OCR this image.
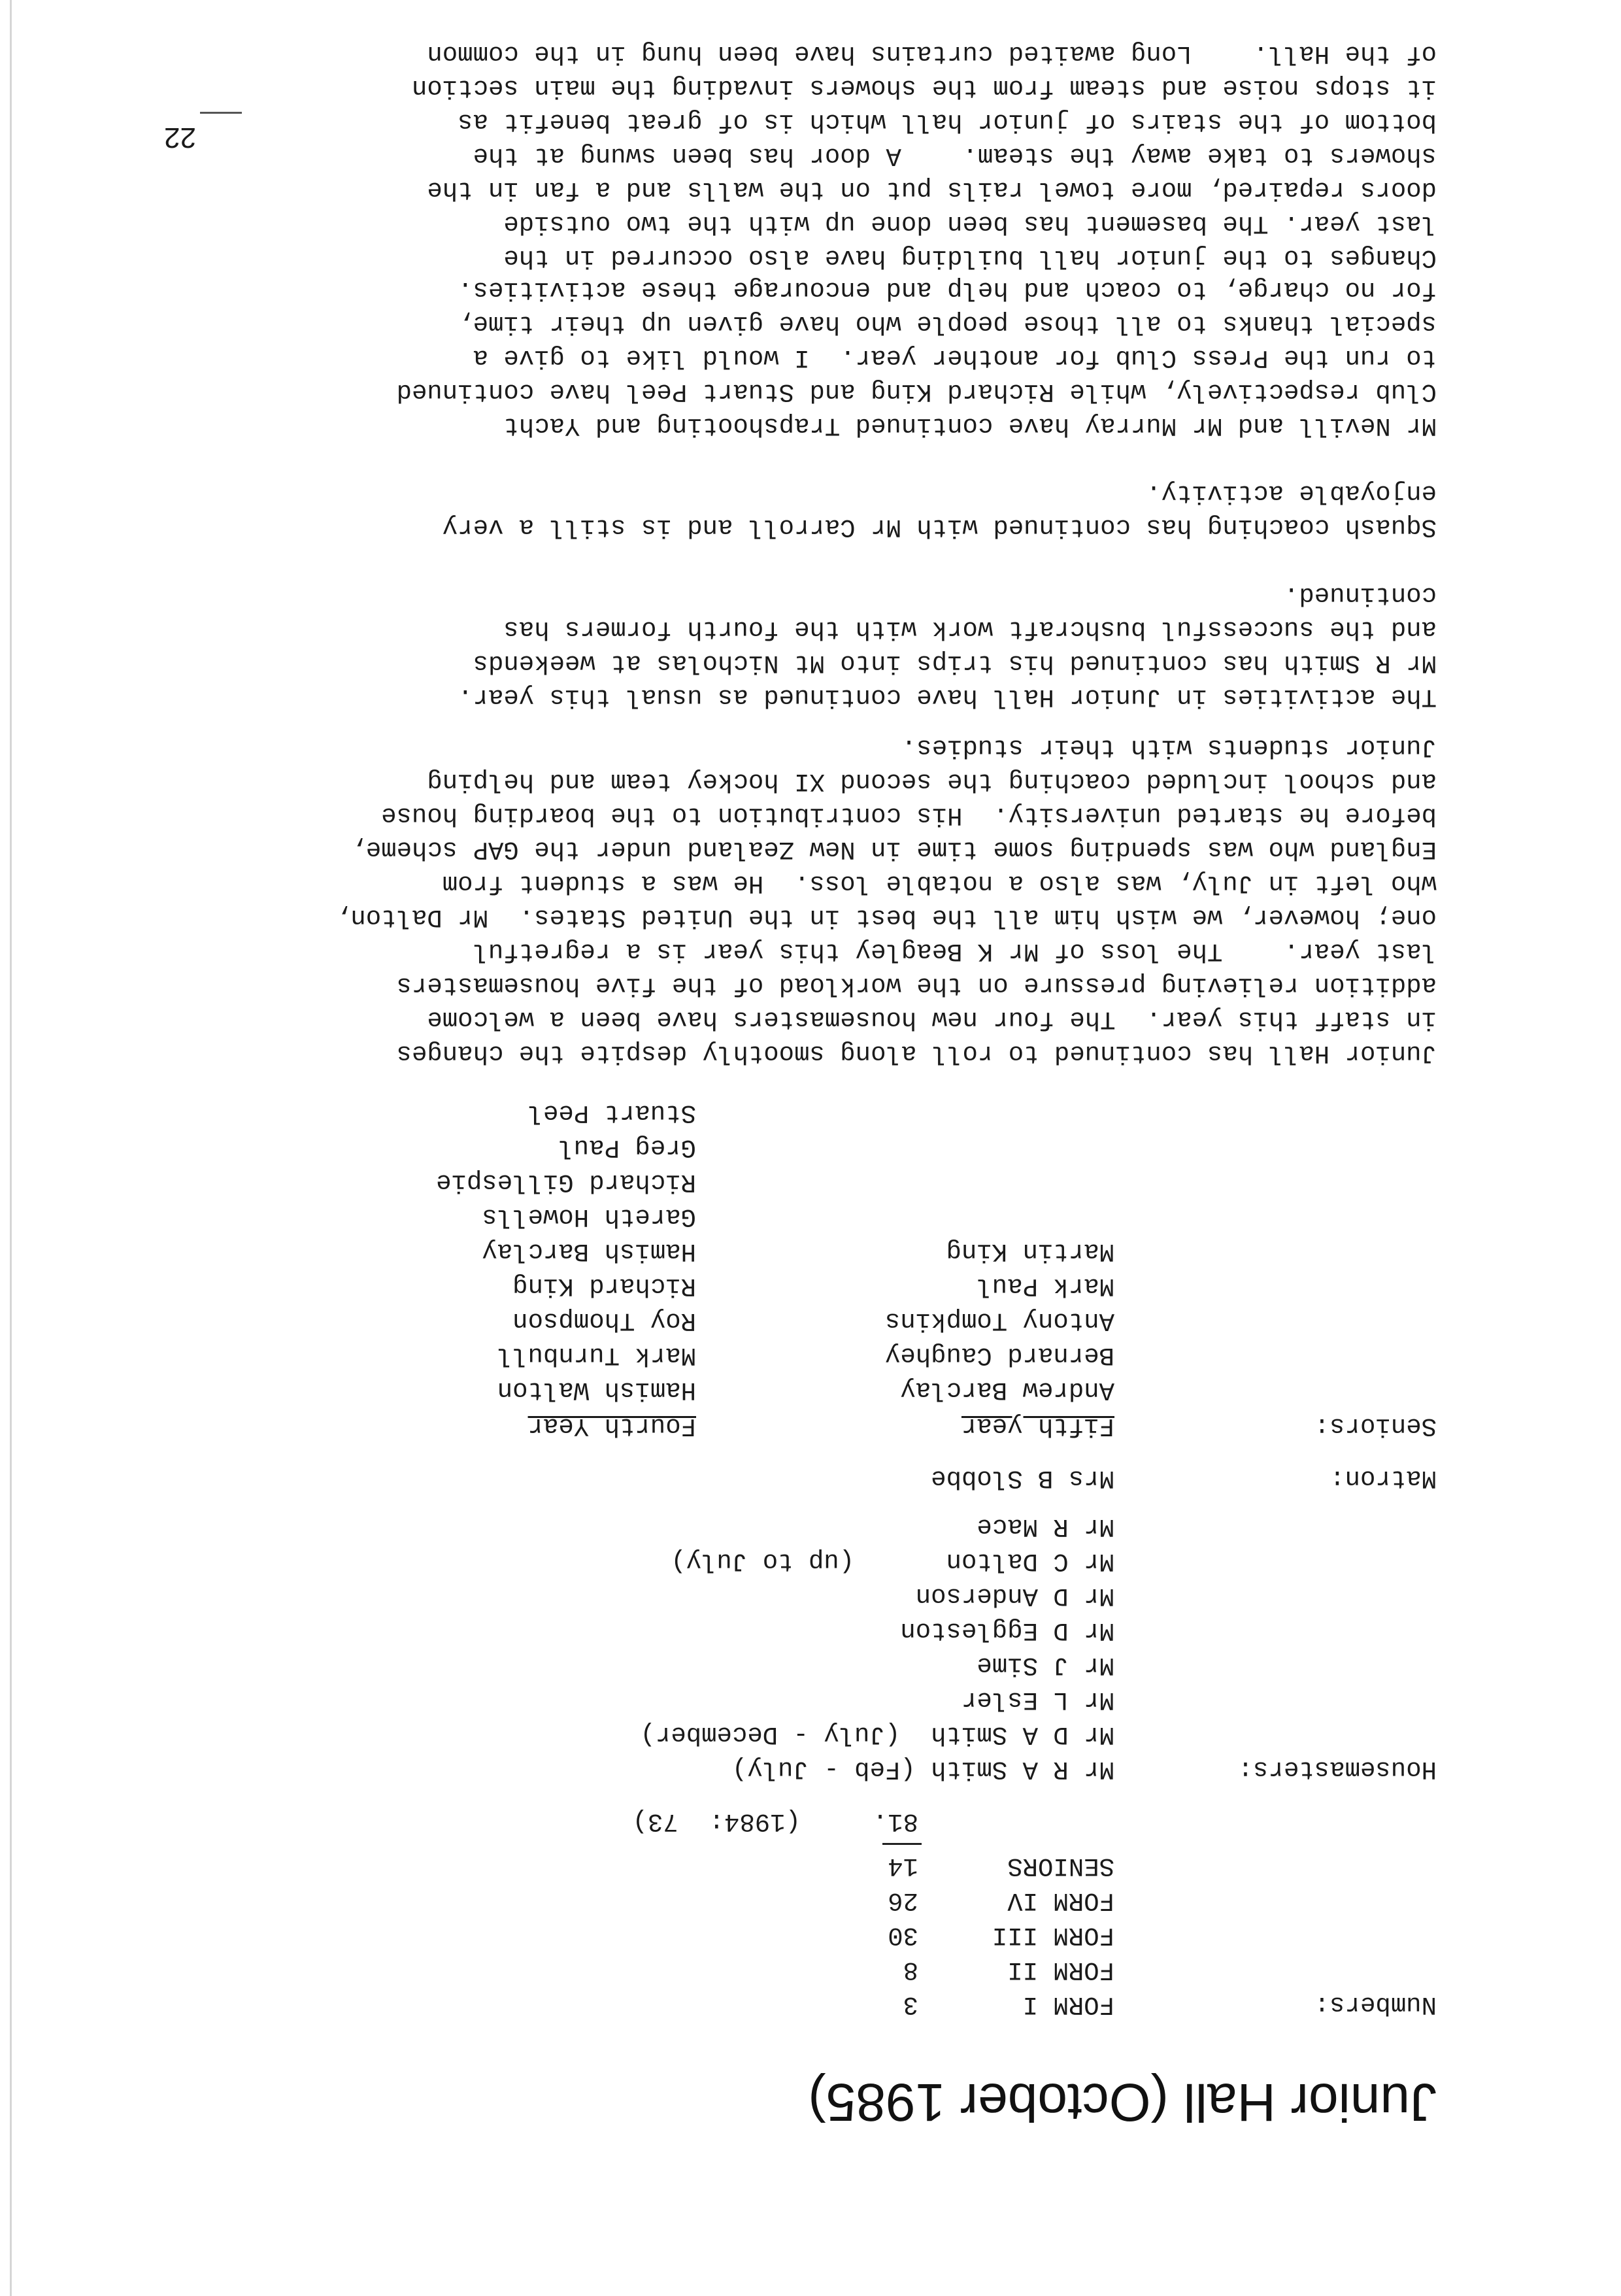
Junior Hall (October 1985)
Numbers:
FORM I
3
FORM II
8
FORM III
30
FORM IV
26
SENIORS
14
81.
(1984:  73)
Housemasters:
Mr R A Smith (Feb - July)
Mr D A Smith  (July - December)
Mr L Esler
Mr J Sime
Mr D Eggleston
Mr D Anderson
Mr C Dalton      (up to July)
Mr R Mace
Matron:
Mrs B Slobbe
Seniors:
Fifth year
Andrew Barclay
Bernard Caughey
Antony Tompkins
Mark Paul
Martin King
Fourth Year
Hamish Walton
Mark Turnbull
Roy Thompson
Richard King
Hamish Barclay
Gareth Howells
Richard Gillespie
Greg Paul
Stuart Peel
Junior Hall has continued to roll along smoothly despite the changes
in staff this year.  The four new housemasters have been a welcome
addition relieving pressure on the workload of the five housemasters
last year.    The loss of Mr K Beagley this year is a regretful
one; however, we wish him all the best in the United States.  Mr Dalton,
who left in July, was also a notable loss.  He was a student from
England who was spending some time in New Zealand under the GAP scheme,
before he started university.  His contribution to the boarding house
and school included coaching the second XI hockey team and helping
Junior students with their studies.
The activities in Junior Hall have continued as usual this year.
Mr R Smith has continued his trips into Mt Nicholas at weekends
and the successful bushcraft work with the fourth formers has
continued.
Squash coaching has continued with Mr Carroll and is still a very
enjoyable activity.
Mr Nevill and Mr Murray have continued Trapshooting and Yacht
Club respectively, while Richard King and Stuart Peel have continued
to run the Press Club for another year.  I would like to give a
special thanks to all those people who have given up their time,
for no charge, to coach and help and encourage these activities.
Changes to the junior hall building have also occurred in the
last year. The basement has been done up with the two outside
doors repaired, more towel rails put on the walls and a fan in the
showers to take away the steam.    A door has been swung at the
bottom of the stairs of junior hall which is of great benefit as
it stops noise and steam from the showers invading the main section
of the Hall.    Long awaited curtains have been hung in the common
22
